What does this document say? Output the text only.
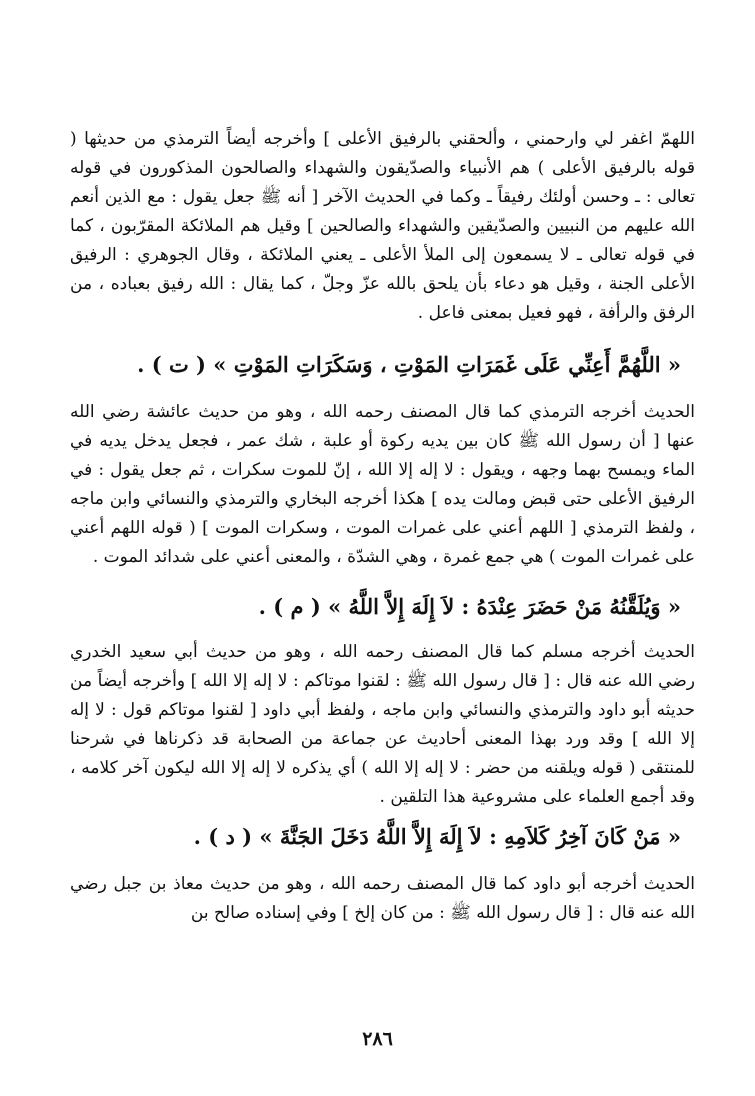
اللهمّ اغفر لي وارحمني ، وألحقني بالرفيق الأعلى ] وأخرجه أيضاً الترمذي من حديثها ( قوله بالرفيق الأعلى ) هم الأنبياء والصدّيقون والشهداء والصالحون المذكورون في قوله تعالى : ـ وحسن أولئك رفيقاً ـ وكما في الحديث الآخر [ أنه ﷺ جعل يقول : مع الذين أنعم الله عليهم من النبيين والصدّيقين والشهداء والصالحين ] وقيل هم الملائكة المقرّبون ، كما في قوله تعالى ـ لا يسمعون إلى الملأ الأعلى ـ يعني الملائكة ، وقال الجوهري : الرفيق الأعلى الجنة ، وقيل هو دعاء بأن يلحق بالله عزّ وجلّ ، كما يقال : الله رفيق بعباده ، من الرفق والرأفة ، فهو فعيل بمعنى فاعل .

« اللَّهُمَّ أَعِنِّي عَلَى غَمَرَاتِ المَوْتِ ، وَسَكَرَاتِ المَوْتِ » ( ت ) .

الحديث أخرجه الترمذي كما قال المصنف رحمه الله ، وهو من حديث عائشة رضي الله عنها [ أن رسول الله ﷺ كان بين يديه ركوة أو علبة ، شك عمر ، فجعل يدخل يديه في الماء ويمسح بهما وجهه ، ويقول : لا إله إلا الله ، إنّ للموت سكرات ، ثم جعل يقول : في الرفيق الأعلى حتى قبض ومالت يده ] هكذا أخرجه البخاري والترمذي والنسائي وابن ماجه ، ولفظ الترمذي [ اللهم أعني على غمرات الموت ، وسكرات الموت ] ( قوله اللهم أعني على غمرات الموت ) هي جمع غمرة ، وهي الشدّة ، والمعنى أعني على شدائد الموت .

« وَيُلَقَّنُهُ مَنْ حَضَرَ عِنْدَهُ : لاَ إِلَهَ إِلاَّ اللَّهُ » ( م ) .

الحديث أخرجه مسلم كما قال المصنف رحمه الله ، وهو من حديث أبي سعيد الخدري رضي الله عنه قال : [ قال رسول الله ﷺ : لقنوا موتاكم : لا إله إلا الله ] وأخرجه أيضاً من حديثه أبو داود والترمذي والنسائي وابن ماجه ، ولفظ أبي داود [ لقنوا موتاكم قول : لا إله إلا الله ] وقد ورد بهذا المعنى أحاديث عن جماعة من الصحابة قد ذكرناها في شرحنا للمنتقى ( قوله ويلقنه من حضر : لا إله إلا الله ) أي يذكره لا إله إلا الله ليكون آخر كلامه ، وقد أجمع العلماء على مشروعية هذا التلقين .

« مَنْ كَانَ آخِرُ كَلاَمِهِ : لاَ إِلَهَ إِلاَّ اللَّهُ دَخَلَ الجَنَّةَ » ( د ) .

الحديث أخرجه أبو داود كما قال المصنف رحمه الله ، وهو من حديث معاذ بن جبل رضي الله عنه قال : [ قال رسول الله ﷺ : من كان إلخ ] وفي إسناده صالح بن

٢٨٦
